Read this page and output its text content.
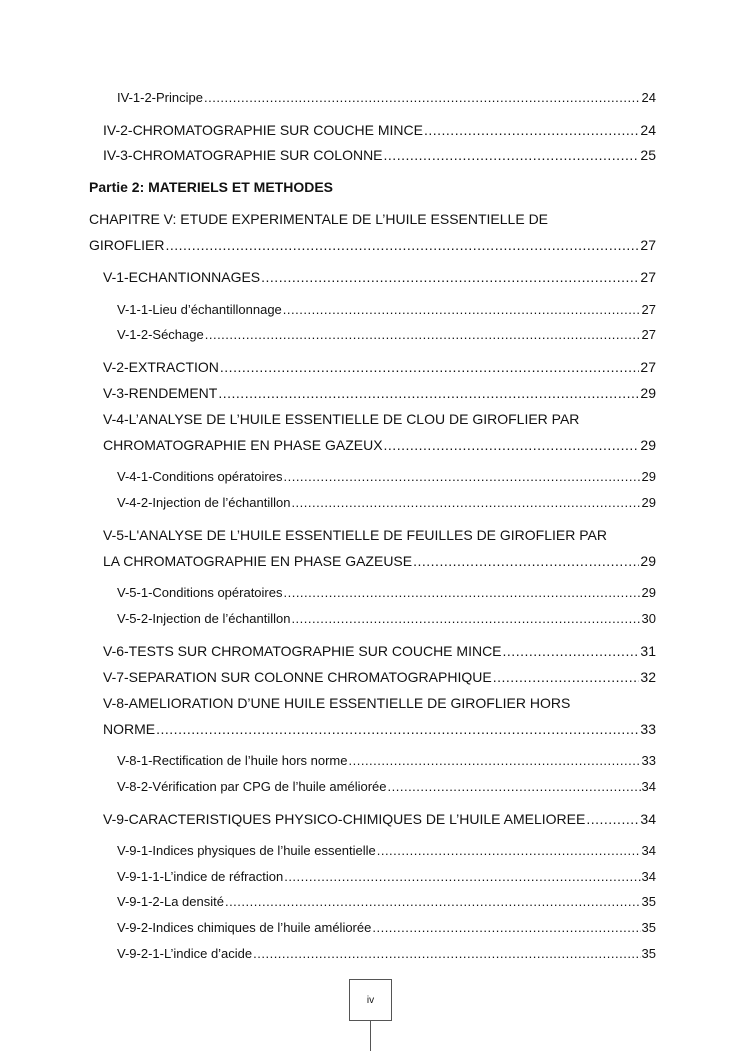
IV-1-2-Principe .....	24
IV-2-CHROMATOGRAPHIE SUR COUCHE MINCE .....	24
IV-3-CHROMATOGRAPHIE SUR COLONNE .....	25
Partie 2: MATERIELS ET METHODES
CHAPITRE V: ETUDE EXPERIMENTALE DE L’HUILE ESSENTIELLE DE
GIROFLIER .....	27
V-1-ECHANTIONNAGES .....	27
V-1-1-Lieu d’échantillonnage .....	27
V-1-2-Séchage .....	27
V-2-EXTRACTION .....	27
V-3-RENDEMENT .....	29
V-4-L’ANALYSE DE L’HUILE ESSENTIELLE DE CLOU DE GIROFLIER PAR
CHROMATOGRAPHIE EN PHASE GAZEUX .....	29
V-4-1-Conditions opératoires .....	29
V-4-2-Injection de l’échantillon .....	29
V-5-L'ANALYSE DE L’HUILE ESSENTIELLE DE FEUILLES DE GIROFLIER PAR
LA CHROMATOGRAPHIE EN PHASE GAZEUSE .....	29
V-5-1-Conditions opératoires .....	29
V-5-2-Injection de l’échantillon .....	30
V-6-TESTS SUR CHROMATOGRAPHIE SUR COUCHE MINCE .....	31
V-7-SEPARATION SUR COLONNE CHROMATOGRAPHIQUE .....	32
V-8-AMELIORATION D’UNE HUILE ESSENTIELLE DE GIROFLIER HORS
NORME .....	33
V-8-1-Rectification de l’huile hors norme .....	33
V-8-2-Vérification par CPG de l’huile améliorée .....	34
V-9-CARACTERISTIQUES PHYSICO-CHIMIQUES DE L’HUILE AMELIOREE .....	34
V-9-1-Indices physiques de l’huile essentielle .....	34
V-9-1-1-L’indice de réfraction .....	34
V-9-1-2-La densité .....	35
V-9-2-Indices chimiques de l’huile améliorée .....	35
V-9-2-1-L’indice d’acide .....	35
iv
